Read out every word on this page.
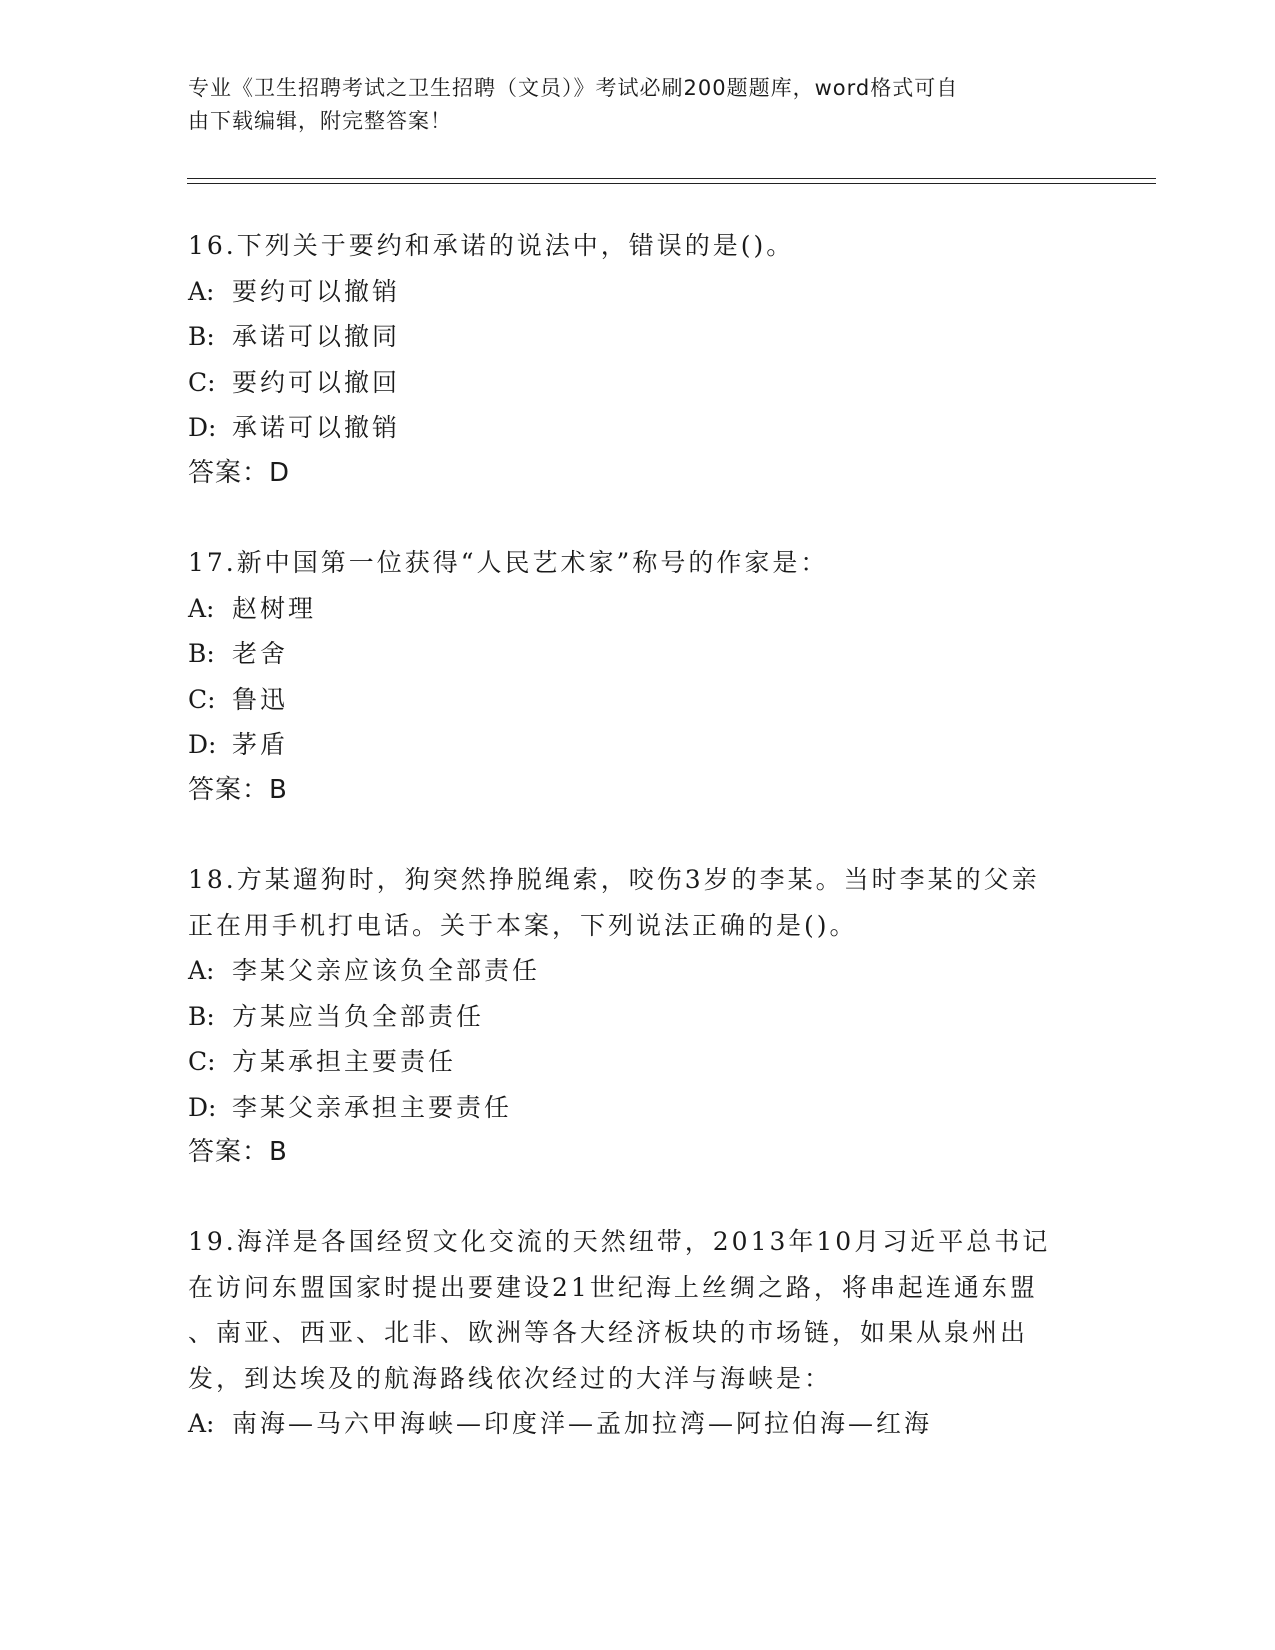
专业《卫生招聘考试之卫生招聘（文员）》考试必刷200题题库，word格式可自
由下载编辑，附完整答案！
16.下列关于要约和承诺的说法中，错误的是()。
A: 要约可以撤销
B: 承诺可以撤同
C: 要约可以撤回
D: 承诺可以撤销
答案：D
17.新中国第一位获得“人民艺术家”称号的作家是：
A: 赵树理
B: 老舍
C: 鲁迅
D: 茅盾
答案：B
18.方某遛狗时，狗突然挣脱绳索，咬伤3岁的李某。当时李某的父亲
正在用手机打电话。关于本案，下列说法正确的是()。
A: 李某父亲应该负全部责任
B: 方某应当负全部责任
C: 方某承担主要责任
D: 李某父亲承担主要责任
答案：B
19.海洋是各国经贸文化交流的天然纽带，2013年10月习近平总书记
在访问东盟国家时提出要建设21世纪海上丝绸之路，将串起连通东盟
、南亚、西亚、北非、欧洲等各大经济板块的市场链，如果从泉州出
发，到达埃及的航海路线依次经过的大洋与海峡是：
A: 南海—马六甲海峡—印度洋—孟加拉湾—阿拉伯海—红海
